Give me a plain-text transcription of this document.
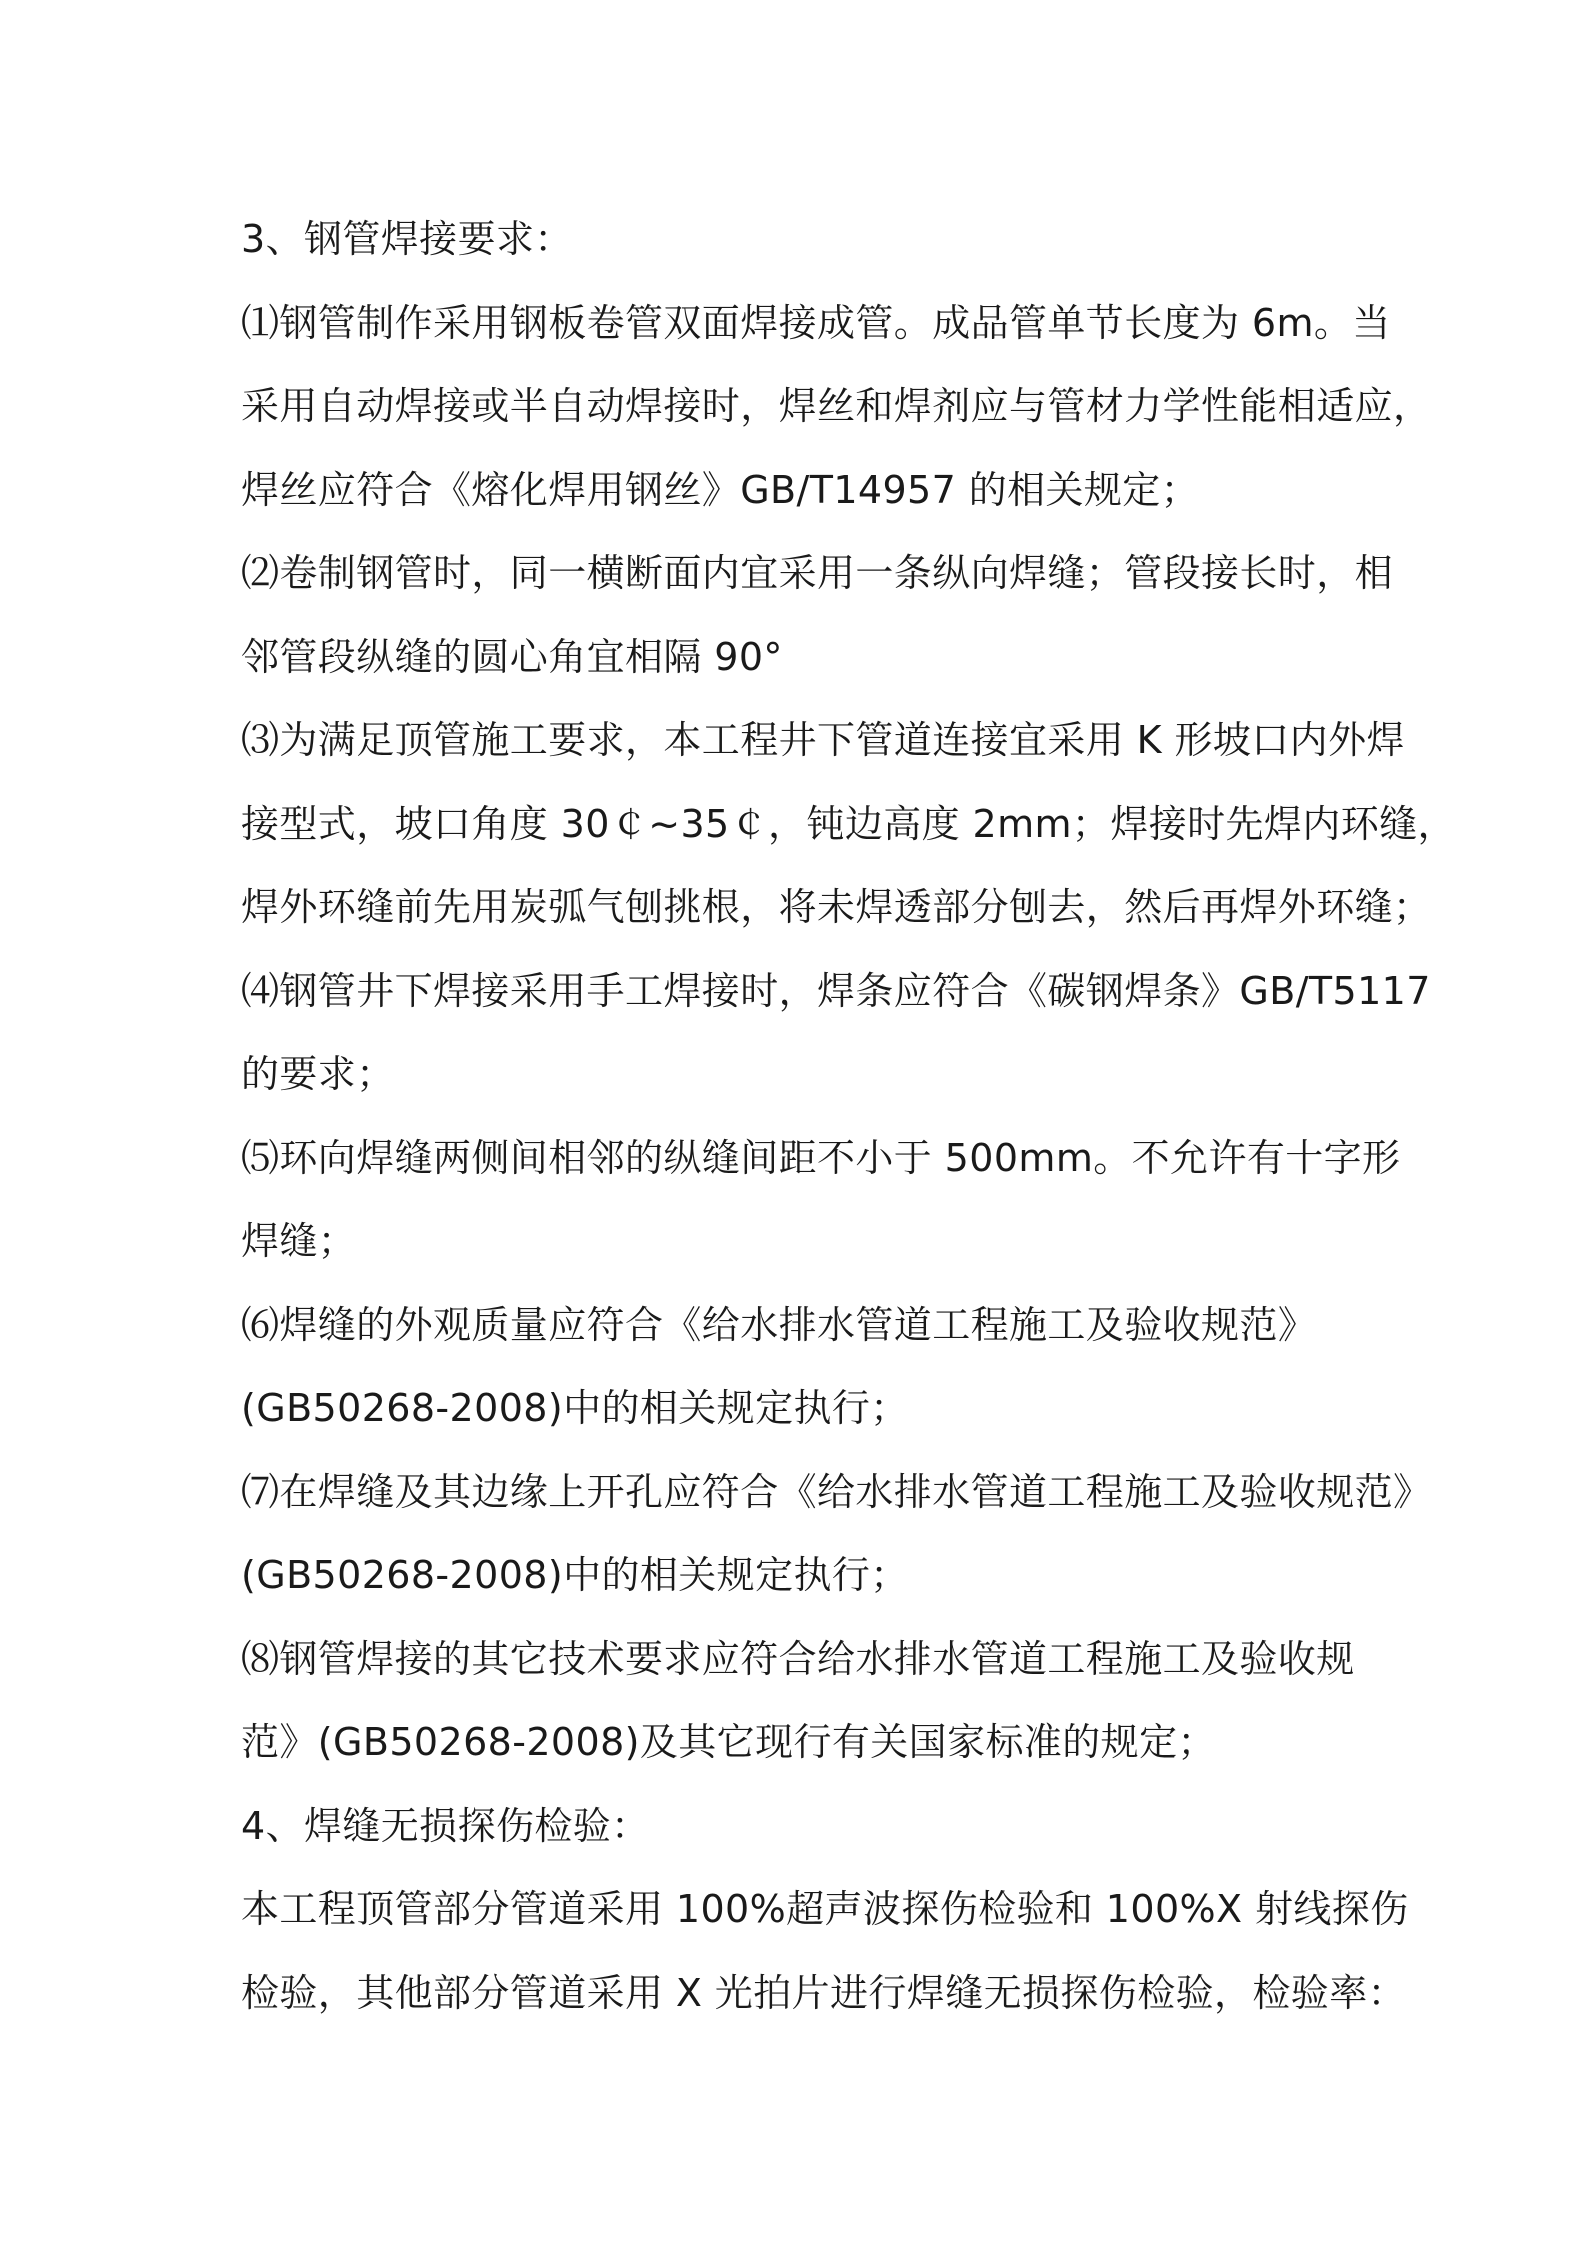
3、钢管焊接要求：
⑴钢管制作采用钢板卷管双面焊接成管。成品管单节长度为 6m。当
采用自动焊接或半自动焊接时，焊丝和焊剂应与管材力学性能相适应，
焊丝应符合《熔化焊用钢丝》GB/T14957 的相关规定；
⑵卷制钢管时，同一横断面内宜采用一条纵向焊缝；管段接长时，相
邻管段纵缝的圆心角宜相隔 90°
⑶为满足顶管施工要求，本工程井下管道连接宜采用 K 形坡口内外焊
接型式，坡口角度 30￠~35￠，钝边高度 2mm；焊接时先焊内环缝，
焊外环缝前先用炭弧气刨挑根，将未焊透部分刨去，然后再焊外环缝；
⑷钢管井下焊接采用手工焊接时，焊条应符合《碳钢焊条》GB/T5117
的要求；
⑸环向焊缝两侧间相邻的纵缝间距不小于 500mm。不允许有十字形
焊缝；
⑹焊缝的外观质量应符合《给水排水管道工程施工及验收规范》
(GB50268-2008)中的相关规定执行；
⑺在焊缝及其边缘上开孔应符合《给水排水管道工程施工及验收规范》
(GB50268-2008)中的相关规定执行；
⑻钢管焊接的其它技术要求应符合给水排水管道工程施工及验收规
范》(GB50268-2008)及其它现行有关国家标准的规定；
4、焊缝无损探伤检验：
本工程顶管部分管道采用 100%超声波探伤检验和 100%X 射线探伤
检验，其他部分管道采用 X 光拍片进行焊缝无损探伤检验，检验率：
